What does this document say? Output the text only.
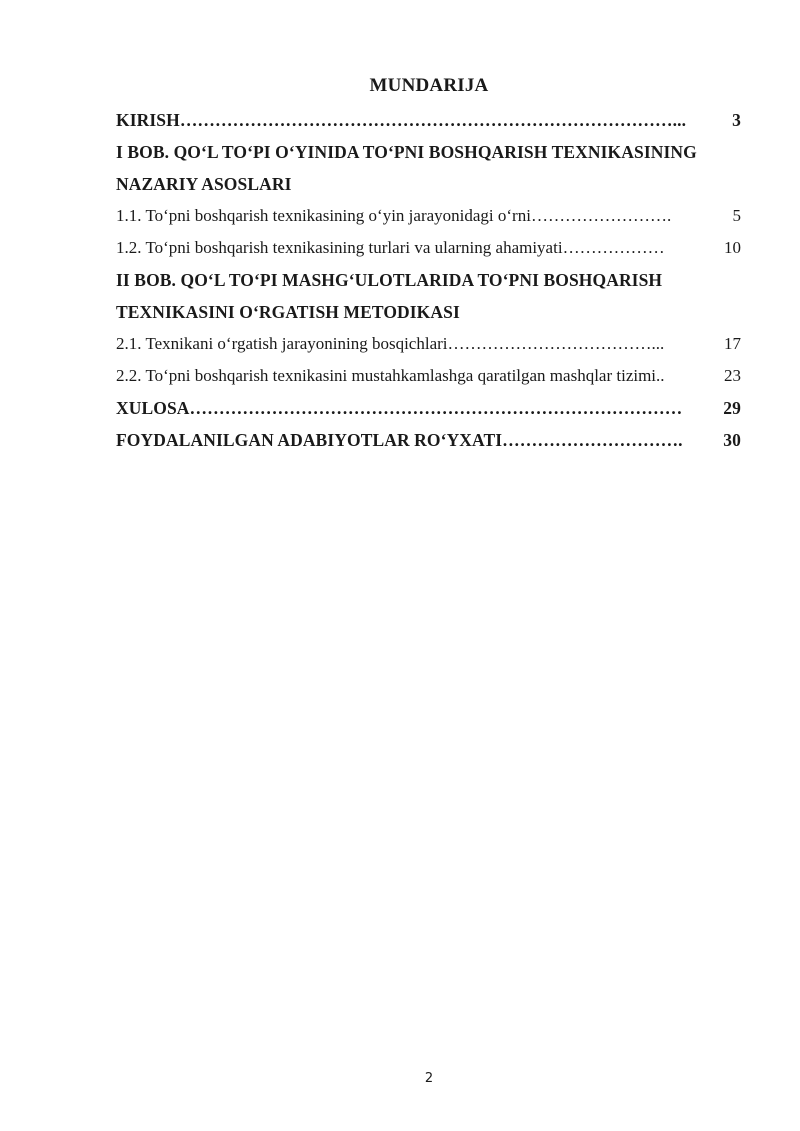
MUNDARIJA
KIRISH …………………………………………………………………………...	3
I BOB. QO‘L TO‘PI O‘YINIDA TO‘PNI BOSHQARISH TEXNIKASINING
NAZARIY ASOSLARI
1.1. To‘pni boshqarish texnikasining o‘yin jarayonidagi o‘rni …………………….	5
1.2. To‘pni boshqarish texnikasining turlari va ularning ahamiyati ………………	10
II BOB. QO‘L TO‘PI MASHG‘ULOTLARIDA TO‘PNI BOSHQARISH
TEXNIKASINI O‘RGATISH METODIKASI
2.1. Texnikani o‘rgatish jarayonining bosqichlari ………………………………...	17
2.2. To‘pni boshqarish texnikasini mustahkamlashga qaratilgan mashqlar tizimi ..	23
XULOSA …………………………………………………………………………	29
FOYDALANILGAN ADABIYOTLAR RO‘YXATI ………………………….	30
2
